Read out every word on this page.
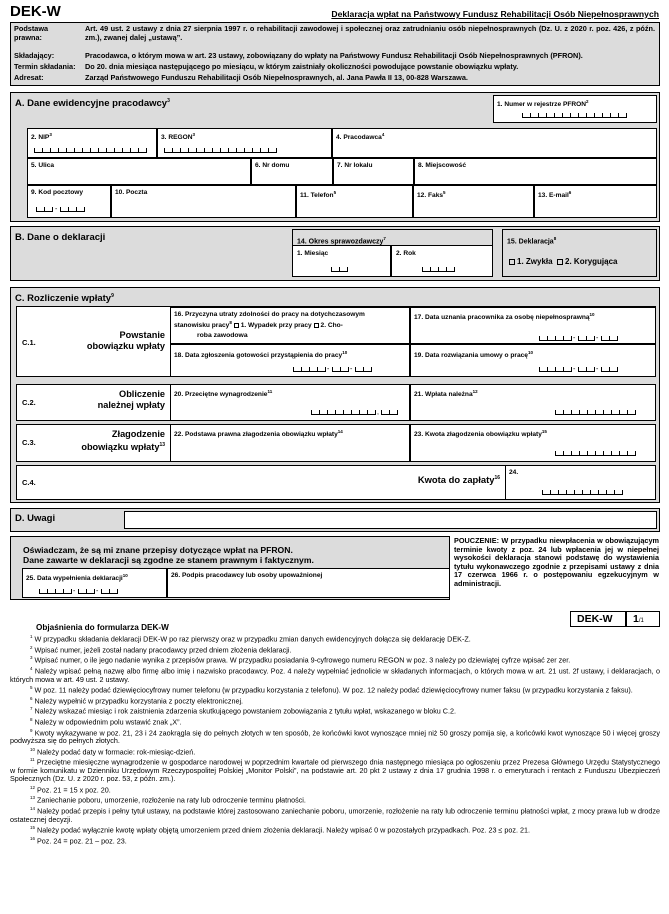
DEK-W	Deklaracja wpłat na Państwowy Fundusz Rehabilitacji Osób Niepełnosprawnych
Podstawa prawna:
Art. 49 ust. 2 ustawy z dnia 27 sierpnia 1997 r. o rehabilitacji zawodowej i społecznej oraz zatrudnianiu osób niepełnosprawnych (Dz. U. z 2020 r. poz. 426, z późn. zm.), zwanej dalej „ustawą”.
Składający:	Pracodawca, o którym mowa w art. 23 ustawy, zobowiązany do wpłaty na Państwowy Fundusz Rehabilitacji Osób Niepełnosprawnych (PFRON).
Termin składania: Do 20. dnia miesiąca następującego po miesiącu, w którym zaistniały okoliczności powodujące powstanie obowiązku wpłaty.
Adresat:	Zarząd Państwowego Funduszu Rehabilitacji Osób Niepełnosprawnych, al. Jana Pawła II 13, 00-828 Warszawa.
A. Dane ewidencyjne pracodawcy$^3$
1. Numer w rejestrze PFRON$^2$
2. NIP$^3$	3. REGON$^3$	4. Pracodawca$^4$
5. Ulica	6. Nr domu	7. Nr lokalu	8. Miejscowość
9. Kod pocztowy
-
10. Poczta	11. Telefon$^5$	12. Faks$^5$	13. E-mail$^6$
B. Dane o deklaracji	14. Okres sprawozdawczy$^7$
1. Miesiąc	2. Rok
15. Deklaracja$^8$
1. Zwykła 2. Korygująca
C. Rozliczenie wpłaty$^9$
C.1.
Powstanie
obowiązku wpłaty
16. Przyczyna utraty zdolności do pracy na dotychczasowym
stanowisku pracy$^8$ 1. Wypadek przy pracy 2. Cho-
roba zawodowa
17. Data uznania pracownika za osobę niepełnosprawną$^{10}$
-	-
18. Data zgłoszenia gotowości przystąpienia do pracy$^{10}$
-	-
19. Data rozwiązania umowy o pracę$^{10}$
-	-
C.2.
Obliczenie
należnej wpłaty
20. Przeciętne wynagrodzenie$^{11}$
,
21. Wpłata należna$^{12}$
C.3.
Złagodzenie
obowiązku wpłaty$^{13}$
22. Podstawa prawna złagodzenia obowiązku wpłaty$^{14}$	23. Kwota złagodzenia obowiązku wpłaty$^{15}$
C.4.	Kwota do zapłaty$^{16}$
24.
D. Uwagi
Oświadczam, że są mi znane przepisy dotyczące wpłat na PFRON.
Dane zawarte w deklaracji są zgodne ze stanem prawnym i faktycznym.
25. Data wypełnienia deklaracji$^{10}$
-	-
26. Podpis pracodawcy lub osoby upoważnionej
POUCZENIE: W przypadku niewpłacenia w obowiązującym terminie kwoty z poz. 24 lub wpłacenia jej w niepełnej wysokości deklaracja stanowi podstawę do wystawienia tytułu wykonawczego zgodnie z przepisami ustawy z dnia 17 czerwca 1966 r. o postępowaniu egzekucyjnym w administracji.
DEK-W 1/1
Objaśnienia do formularza DEK-W

$^1$ W przypadku składania deklaracji DEK-W po raz pierwszy oraz w przypadku zmian danych ewidencyjnych dołącza się deklarację DEK-Z.

$^2$ Wpisać numer, jeżeli został nadany pracodawcy przed dniem złożenia deklaracji.

$^3$ Wpisać numer, o ile jego nadanie wynika z przepisów prawa. W przypadku posiadania 9-cyfrowego numeru REGON w poz. 3 należy po dziewiątej cyfrze wpisać zer zer.

$^4$ Należy wpisać pełną nazwę albo firmę albo imię i nazwisko pracodawcy. Poz. 4 należy wypełniać jednolicie w składanych informacjach, o których mowa w art. 21 ust. 2f ustawy, i deklaracjach, o których mowa w art. 49 ust. 2 ustawy.

$^5$ W poz. 11 należy podać dziewięciocyfrowy numer telefonu (w przypadku korzystania z telefonu). W poz. 12 należy podać dziewięciocyfrowy numer faksu (w przypadku korzystania z faksu).

$^6$ Należy wypełnić w przypadku korzystania z poczty elektronicznej.

$^7$ Należy wskazać miesiąc i rok zaistnienia zdarzenia skutkującego powstaniem zobowiązania z tytułu wpłat, wskazanego w bloku C.2.

$^8$ Należy w odpowiednim polu wstawić znak „X”.

$^9$ Kwoty wykazywane w poz. 21, 23 i 24 zaokrągla się do pełnych złotych w ten sposób, że końcówki kwot wynoszące mniej niż 50 groszy pomija się, a końcówki kwot wynoszące 50 i więcej groszy podwyższa się do pełnych złotych.

$^{10}$ Należy podać daty w formacie: rok-miesiąc-dzień.

$^{11}$ Przeciętne miesięczne wynagrodzenie w gospodarce narodowej w poprzednim kwartale od pierwszego dnia następnego miesiąca po ogłoszeniu przez Prezesa Głównego Urzędu Statystycznego w formie komunikatu w Dzienniku Urzędowym Rzeczypospolitej Polskiej „Monitor Polski”, na podstawie art. 20 pkt 2 ustawy z dnia 17 grudnia 1998 r. o emeryturach i rentach z Funduszu Ubezpieczeń Społecznych (Dz. U. z 2020 r. poz. 53, z późn. zm.).

$^{12}$ Poz. 21 = 15 x poz. 20.

$^{13}$ Zaniechanie poboru, umorzenie, rozłożenie na raty lub odroczenie terminu płatności.

$^{14}$ Należy podać przepis i pełny tytuł ustawy, na podstawie której zastosowano zaniechanie poboru, umorzenie, rozłożenie na raty lub odroczenie terminu płatności wpłat, z mocy prawa lub w drodze ostatecznej decyzji.

$^{15}$ Należy podać wyłącznie kwotę wpłaty objętą umorzeniem przed dniem złożenia deklaracji. Należy wpisać 0 w pozostałych przypadkach. Poz. 23 ≤ poz. 21.

$^{16}$ Poz. 24 = poz. 21 – poz. 23.
